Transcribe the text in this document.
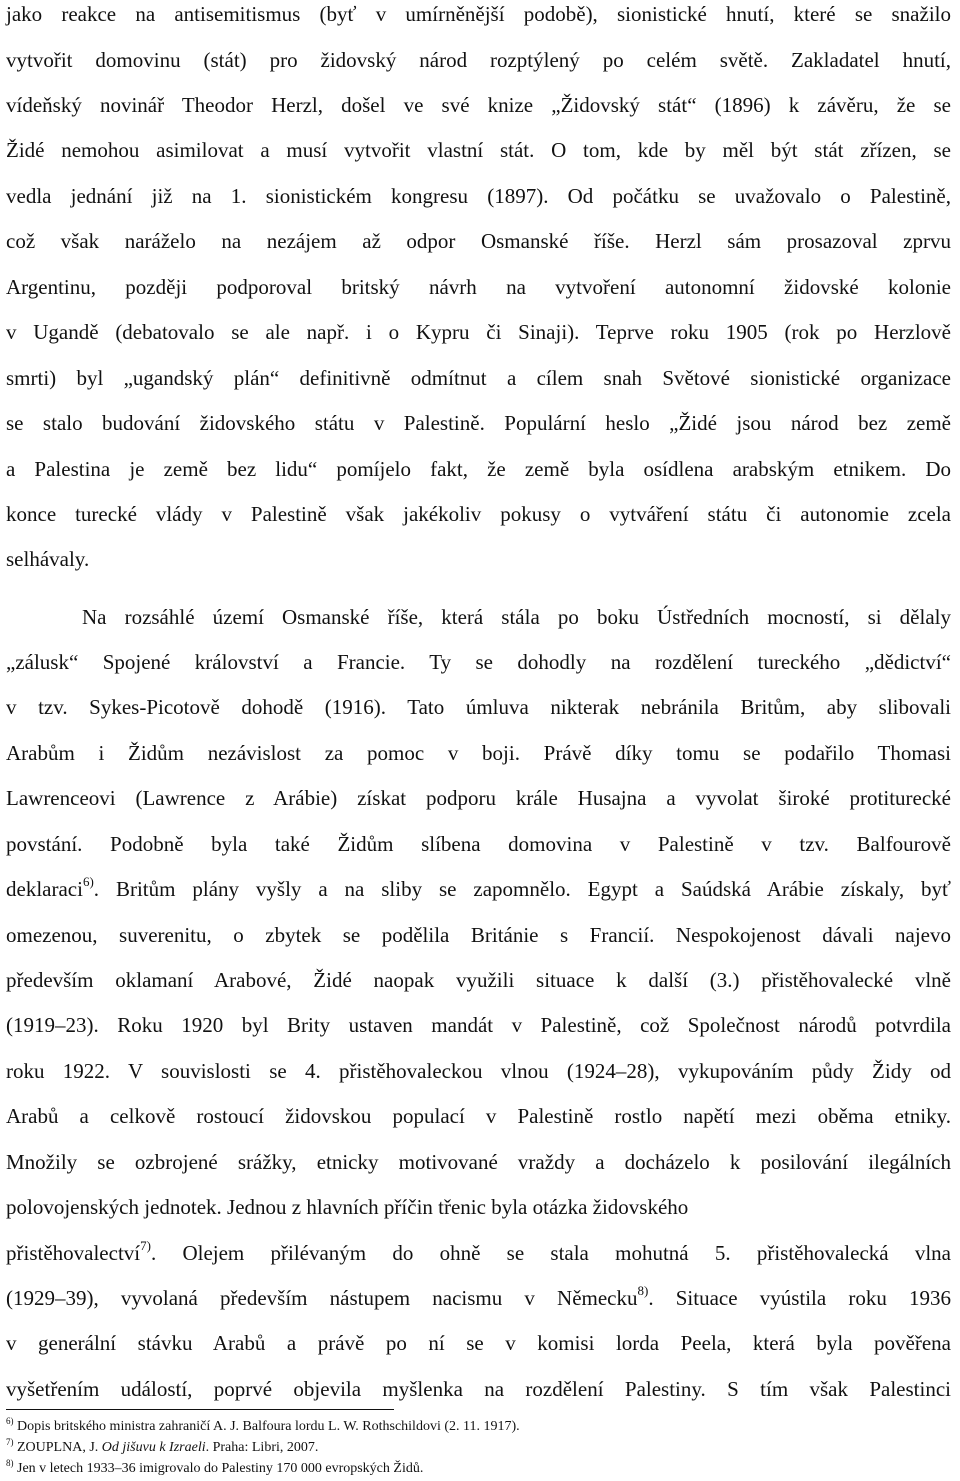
jako reakce na antisemitismus (byť v umírněnější podobě), sionistické hnutí, které se snažilo
vytvořit domovinu (stát) pro židovský národ rozptýlený po celém světě. Zakladatel hnutí,
vídeňský novinář Theodor Herzl, došel ve své knize „Židovský stát“ (1896) k závěru, že se
Židé nemohou asimilovat a musí vytvořit vlastní stát. O tom, kde by měl být stát zřízen, se
vedla jednání již na 1. sionistickém kongresu (1897). Od počátku se uvažovalo o Palestině,
což však naráželo na nezájem až odpor Osmanské říše. Herzl sám prosazoval zprvu
Argentinu, později podporoval britský návrh na vytvoření autonomní židovské kolonie
v Ugandě (debatovalo se ale např. i o Kypru či Sinaji). Teprve roku 1905 (rok po Herzlově
smrti) byl „ugandský plán“ definitivně odmítnut a cílem snah Světové sionistické organizace
se stalo budování židovského státu v Palestině. Populární heslo „Židé jsou národ bez země
a Palestina je země bez lidu“ pomíjelo fakt, že země byla osídlena arabským etnikem. Do
konce turecké vlády v Palestině však jakékoliv pokusy o vytváření státu či autonomie zcela
selhávaly.
Na rozsáhlé území Osmanské říše, která stála po boku Ústředních mocností, si dělaly
„zálusk“ Spojené království a Francie. Ty se dohodly na rozdělení tureckého „dědictví“
v tzv. Sykes-Picotově dohodě (1916). Tato úmluva nikterak nebránila Britům, aby slibovali
Arabům i Židům nezávislost za pomoc v boji. Právě díky tomu se podařilo Thomasi
Lawrenceovi (Lawrence z Arábie) získat podporu krále Husajna a vyvolat široké protiturecké
povstání. Podobně byla také Židům slíbena domovina v Palestině v tzv. Balfourově
deklaraci$^{6)}$. Britům plány vyšly a na sliby se zapomnělo. Egypt a Saúdská Arábie získaly, byť
omezenou, suverenitu, o zbytek se podělila Británie s Francií. Nespokojenost dávali najevo
především oklamaní Arabové, Židé naopak využili situace k další (3.) přistěhovalecké vlně
(1919–23). Roku 1920 byl Brity ustaven mandát v Palestině, což Společnost národů potvrdila
roku 1922. V souvislosti se 4. přistěhovaleckou vlnou (1924–28), vykupováním půdy Židy od
Arabů a celkově rostoucí židovskou populací v Palestině rostlo napětí mezi oběma etniky.
Množily se ozbrojené srážky, etnicky motivované vraždy a docházelo k posilování ilegálních
polovojenských jednotek. Jednou z hlavních příčin třenic byla otázka židovského
přistěhovalectví$^{7)}$. Olejem přilévaným do ohně se stala mohutná 5. přistěhovalecká vlna
(1929–39), vyvolaná především nástupem nacismu v Německu$^{8)}$. Situace vyústila roku 1936
v generální stávku Arabů a právě po ní se v komisi lorda Peela, která byla pověřena
vyšetřením událostí, poprvé objevila myšlenka na rozdělení Palestiny. S tím však Palestinci
$^{6)}$ Dopis britského ministra zahraničí A. J. Balfoura lordu L. W. Rothschildovi (2. 11. 1917).
$^{7)}$ ZOUPLNA, J. Od jišuvu k Izraeli. Praha: Libri, 2007.
$^{8)}$ Jen v letech 1933–36 imigrovalo do Palestiny 170 000 evropských Židů.
